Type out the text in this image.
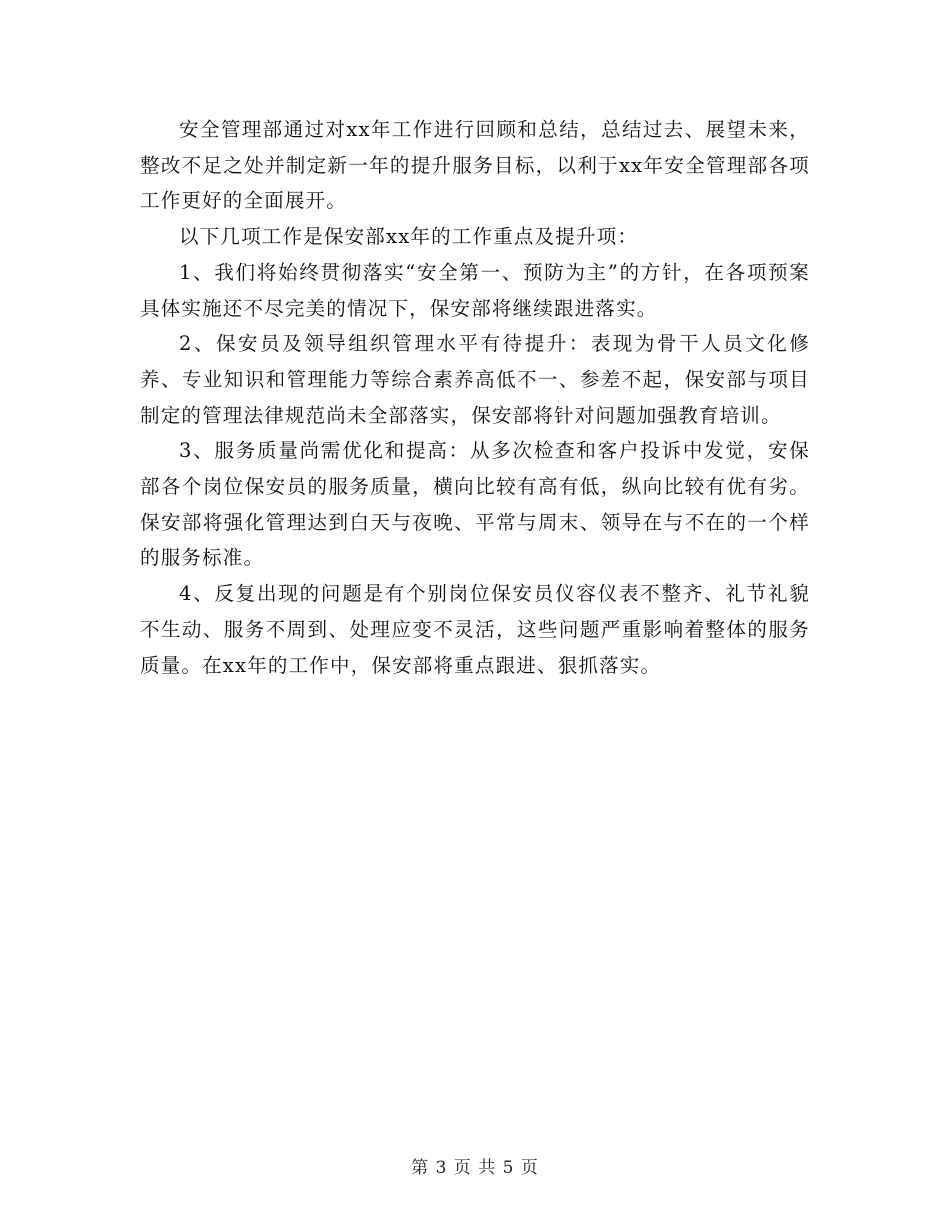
安全管理部通过对xx年工作进行回顾和总结，总结过去、展望未来，整改不足之处并制定新一年的提升服务目标，以利于xx年安全管理部各项工作更好的全面展开。

以下几项工作是保安部xx年的工作重点及提升项：

1、我们将始终贯彻落实“安全第一、预防为主”的方针，在各项预案具体实施还不尽完美的情况下，保安部将继续跟进落实。

2、保安员及领导组织管理水平有待提升：表现为骨干人员文化修养、专业知识和管理能力等综合素养高低不一、参差不起，保安部与项目制定的管理法律规范尚未全部落实，保安部将针对问题加强教育培训。

3、服务质量尚需优化和提高：从多次检查和客户投诉中发觉，安保部各个岗位保安员的服务质量，横向比较有高有低，纵向比较有优有劣。保安部将强化管理达到白天与夜晚、平常与周末、领导在与不在的一个样的服务标准。

4、反复出现的问题是有个别岗位保安员仪容仪表不整齐、礼节礼貌不生动、服务不周到、处理应变不灵活，这些问题严重影响着整体的服务质量。在xx年的工作中，保安部将重点跟进、狠抓落实。

第 3 页 共 5 页
